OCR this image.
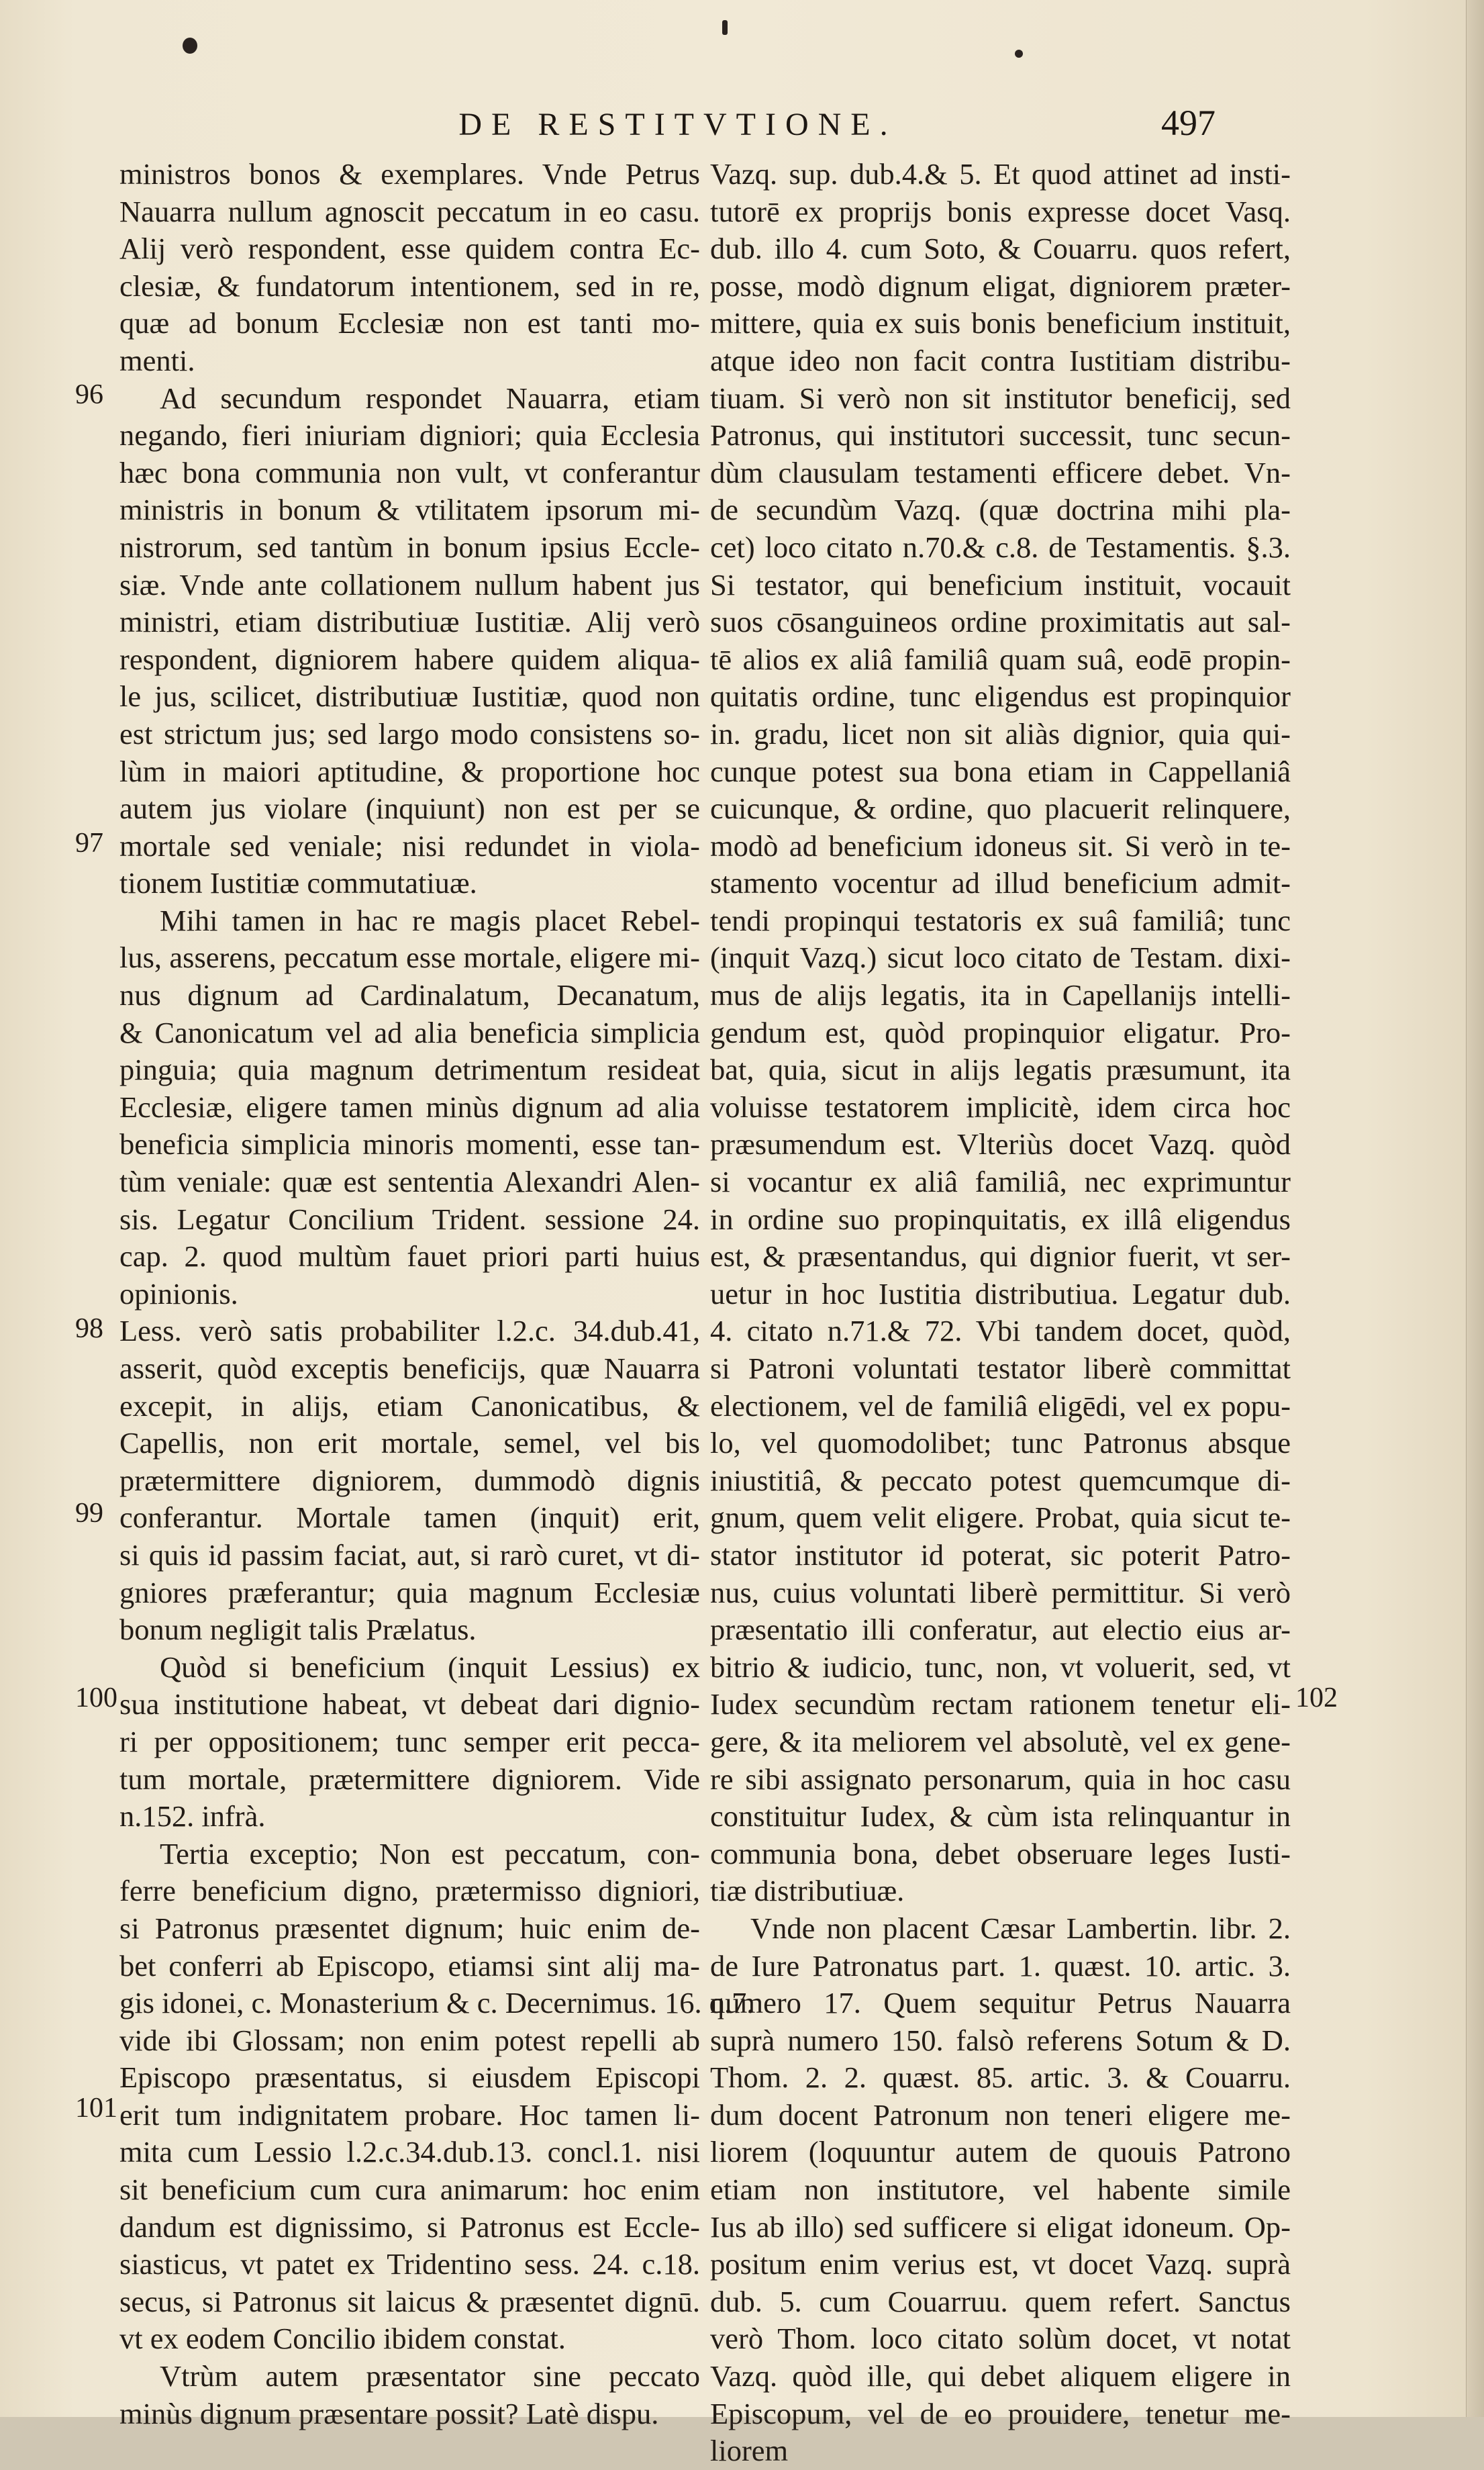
DE RESTITVTIONE.	497
96
97
98
99
100
101
102
ministros bonos & exemplares. Vnde Petrus
Nauarra nullum agnoscit peccatum in eo casu.
Alij verò respondent, esse quidem contra Ec-
clesiæ, & fundatorum intentionem, sed in re,
quæ ad bonum Ecclesiæ non est tanti mo-
menti.
Ad secundum respondet Nauarra, etiam
negando, fieri iniuriam digniori; quia Ecclesia
hæc bona communia non vult, vt conferantur
ministris in bonum & vtilitatem ipsorum mi-
nistrorum, sed tantùm in bonum ipsius Eccle-
siæ. Vnde ante collationem nullum habent jus
ministri, etiam distributiuæ Iustitiæ. Alij verò
respondent, digniorem habere quidem aliqua-
le jus, scilicet, distributiuæ Iustitiæ, quod non
est strictum jus; sed largo modo consistens so-
lùm in maiori aptitudine, & proportione hoc
autem jus violare (inquiunt) non est per se
mortale sed veniale; nisi redundet in viola-
tionem Iustitiæ commutatiuæ.
Mihi tamen in hac re magis placet Rebel-
lus, asserens, peccatum esse mortale, eligere mi-
nus dignum ad Cardinalatum, Decanatum,
& Canonicatum vel ad alia beneficia simplicia
pinguia; quia magnum detrimentum resideat
Ecclesiæ, eligere tamen minùs dignum ad alia
beneficia simplicia minoris momenti, esse tan-
tùm veniale: quæ est sententia Alexandri Alen-
sis. Legatur Concilium Trident. sessione 24.
cap. 2. quod multùm fauet priori parti huius
opinionis.
Less. verò satis probabiliter l.2.c. 34.dub.41,
asserit, quòd exceptis beneficijs, quæ Nauarra
excepit, in alijs, etiam Canonicatibus, &
Capellis, non erit mortale, semel, vel bis
prætermittere digniorem, dummodò dignis
conferantur. Mortale tamen (inquit) erit,
si quis id passim faciat, aut, si rarò curet, vt di-
gniores præferantur; quia magnum Ecclesiæ
bonum negligit talis Prælatus.
Quòd si beneficium (inquit Lessius) ex
sua institutione habeat, vt debeat dari dignio-
ri per oppositionem; tunc semper erit pecca-
tum mortale, prætermittere digniorem. Vide
n.152. infrà.
Tertia exceptio; Non est peccatum, con-
ferre beneficium digno, prætermisso digniori,
si Patronus præsentet dignum; huic enim de-
bet conferri ab Episcopo, etiamsi sint alij ma-
gis idonei, c. Monasterium & c. Decernimus. 16. q.7.
vide ibi Glossam; non enim potest repelli ab
Episcopo præsentatus, si eiusdem Episcopi
erit tum indignitatem probare. Hoc tamen li-
mita cum Lessio l.2.c.34.dub.13. concl.1. nisi
sit beneficium cum cura animarum: hoc enim
dandum est dignissimo, si Patronus est Eccle-
siasticus, vt patet ex Tridentino sess. 24. c.18.
secus, si Patronus sit laicus & præsentet dignū.
vt ex eodem Concilio ibidem constat.
Vtrùm autem præsentator sine peccato
minùs dignum præsentare possit? Latè dispu.
Vazq. sup. dub.4.& 5. Et quod attinet ad insti-
tutorē ex proprijs bonis expresse docet Vasq.
dub. illo 4. cum Soto, & Couarru. quos refert,
posse, modò dignum eligat, digniorem præter-
mittere, quia ex suis bonis beneficium instituit,
atque ideo non facit contra Iustitiam distribu-
tiuam. Si verò non sit institutor beneficij, sed
Patronus, qui institutori successit, tunc secun-
dùm clausulam testamenti efficere debet. Vn-
de secundùm Vazq. (quæ doctrina mihi pla-
cet) loco citato n.70.& c.8. de Testamentis. §.3.
Si testator, qui beneficium instituit, vocauit
suos cōsanguineos ordine proximitatis aut sal-
tē alios ex aliâ familiâ quam suâ, eodē propin-
quitatis ordine, tunc eligendus est propinquior
in. gradu, licet non sit aliàs dignior, quia qui-
cunque potest sua bona etiam in Cappellaniâ
cuicunque, & ordine, quo placuerit relinquere,
modò ad beneficium idoneus sit. Si verò in te-
stamento vocentur ad illud beneficium admit-
tendi propinqui testatoris ex suâ familiâ; tunc
(inquit Vazq.) sicut loco citato de Testam. dixi-
mus de alijs legatis, ita in Capellanijs intelli-
gendum est, quòd propinquior eligatur. Pro-
bat, quia, sicut in alijs legatis præsumunt, ita
voluisse testatorem implicitè, idem circa hoc
præsumendum est. Vlteriùs docet Vazq. quòd
si vocantur ex aliâ familiâ, nec exprimuntur
in ordine suo propinquitatis, ex illâ eligendus
est, & præsentandus, qui dignior fuerit, vt ser-
uetur in hoc Iustitia distributiua. Legatur dub.
4. citato n.71.& 72. Vbi tandem docet, quòd,
si Patroni voluntati testator liberè committat
electionem, vel de familiâ eligēdi, vel ex popu-
lo, vel quomodolibet; tunc Patronus absque
iniustitiâ, & peccato potest quemcumque di-
gnum, quem velit eligere. Probat, quia sicut te-
stator institutor id poterat, sic poterit Patro-
nus, cuius voluntati liberè permittitur. Si verò
præsentatio illi conferatur, aut electio eius ar-
bitrio & iudicio, tunc, non, vt voluerit, sed, vt
Iudex secundùm rectam rationem tenetur eli-
gere, & ita meliorem vel absolutè, vel ex gene-
re sibi assignato personarum, quia in hoc casu
constituitur Iudex, & cùm ista relinquantur in
communia bona, debet obseruare leges Iusti-
tiæ distributiuæ.
Vnde non placent Cæsar Lambertin. libr. 2.
de Iure Patronatus part. 1. quæst. 10. artic. 3.
numero 17. Quem sequitur Petrus Nauarra
suprà numero 150. falsò referens Sotum & D.
Thom. 2. 2. quæst. 85. artic. 3. & Couarru.
dum docent Patronum non teneri eligere me-
liorem (loquuntur autem de quouis Patrono
etiam non institutore, vel habente simile
Ius ab illo) sed sufficere si eligat idoneum. Op-
positum enim verius est, vt docet Vazq. suprà
dub. 5. cum Couarruu. quem refert. Sanctus
verò Thom. loco citato solùm docet, vt notat
Vazq. quòd ille, qui debet aliquem eligere in
Episcopum, vel de eo prouidere, tenetur me-
liorem
